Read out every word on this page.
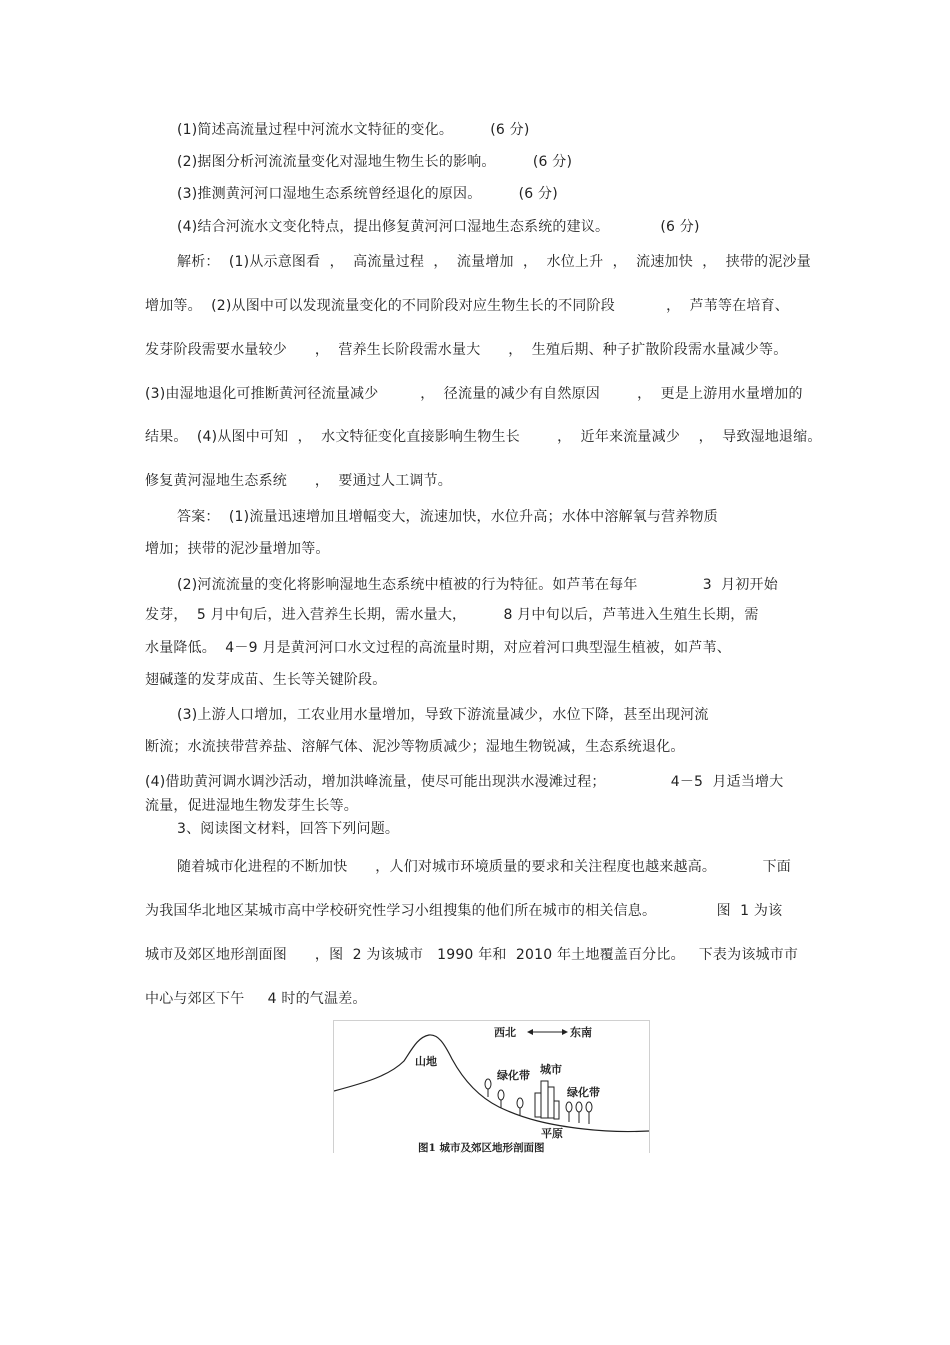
(1)简述高流量过程中河流水文特征的变化。        (6 分)
(2)据图分析河流流量变化对湿地生物生长的影响。        (6 分)
(3)推测黄河河口湿地生态系统曾经退化的原因。        (6 分)
(4)结合河流水文变化特点，提出修复黄河河口湿地生态系统的建议。           (6 分)
解析：  (1)从示意图看  ，  高流量过程  ，  流量增加  ，  水位上升  ，  流速加快  ，  挟带的泥沙量
增加等。  (2)从图中可以发现流量变化的不同阶段对应生物生长的不同阶段           ，  芦苇等在培育、
发芽阶段需要水量较少      ，  营养生长阶段需水量大      ，  生殖后期、种子扩散阶段需水量减少等。
(3)由湿地退化可推断黄河径流量减少         ，  径流量的减少有自然原因        ，  更是上游用水量增加的
结果。  (4)从图中可知  ，  水文特征变化直接影响生物生长        ，  近年来流量减少    ，  导致湿地退缩。
修复黄河湿地生态系统      ，  要通过人工调节。
答案：  (1)流量迅速增加且增幅变大，流速加快，水位升高；水体中溶解氧与营养物质
增加；挟带的泥沙量增加等。
(2)河流流量的变化将影响湿地生态系统中植被的行为特征。如芦苇在每年              3  月初开始
发芽，  5 月中旬后，进入营养生长期，需水量大，        8 月中旬以后，芦苇进入生殖生长期，需
水量降低。  4－9 月是黄河河口水文过程的高流量时期，对应着河口典型湿生植被，如芦苇、
翅碱蓬的发芽成苗、生长等关键阶段。
(3)上游人口增加，工农业用水量增加，导致下游流量减少，水位下降，甚至出现河流
断流；水流挟带营养盐、溶解气体、泥沙等物质减少；湿地生物锐减，生态系统退化。
(4)借助黄河调水调沙活动，增加洪峰流量，使尽可能出现洪水漫滩过程；              4－5  月适当增大
流量，促进湿地生物发芽生长等。
3、阅读图文材料，回答下列问题。
随着城市化进程的不断加快      ，人们对城市环境质量的要求和关注程度也越来越高。          下面
为我国华北地区某城市高中学校研究性学习小组搜集的他们所在城市的相关信息。             图  1 为该
城市及郊区地形剖面图      ，图  2 为该城市   1990 年和  2010 年土地覆盖百分比。   下表为该城市市
中心与郊区下午     4 时的气温差。
西北	东南
山地
绿化带 城市
绿化带
平原
图1 城市及郊区地形剖面图
